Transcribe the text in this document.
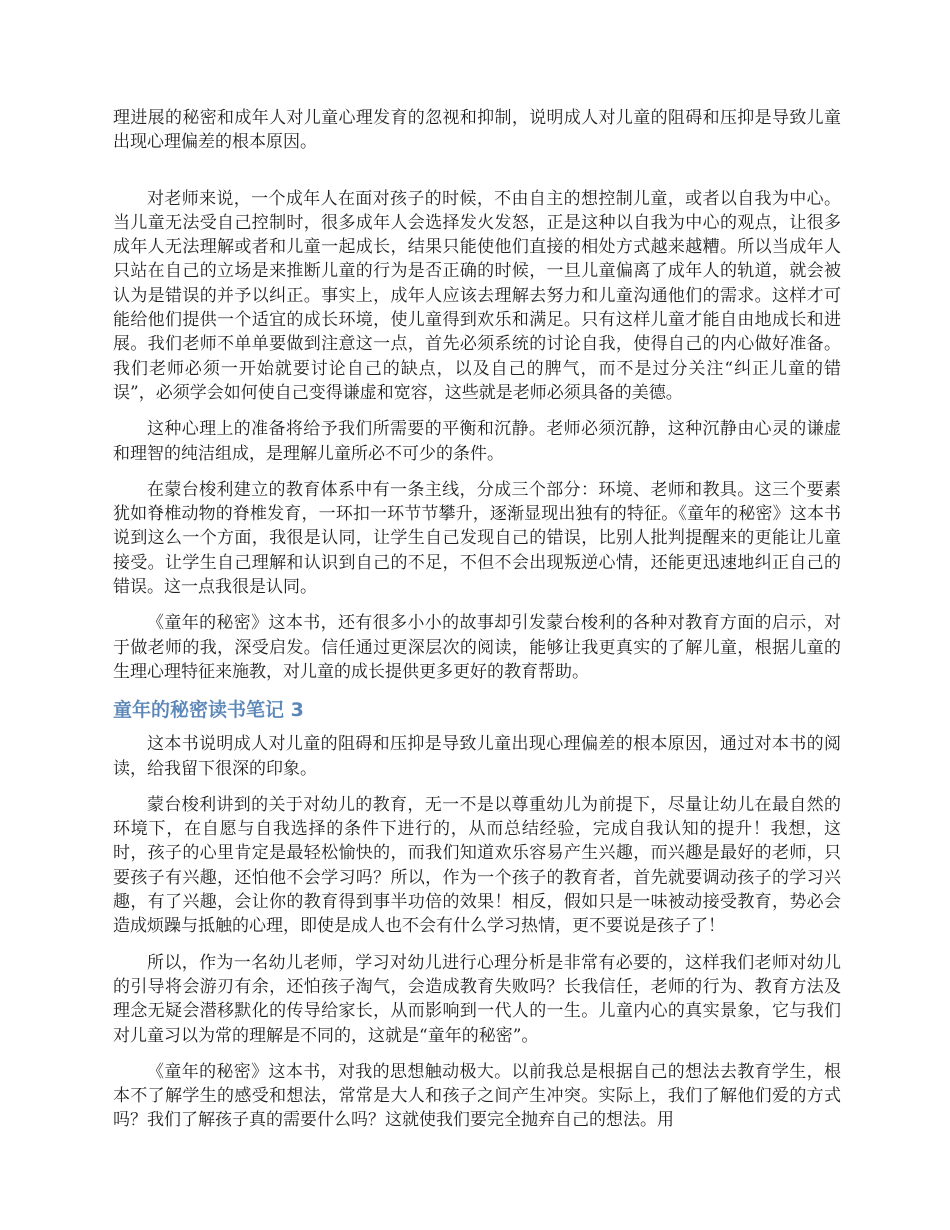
理进展的秘密和成年人对儿童心理发育的忽视和抑制，说明成人对儿童的阻碍和压抑是导致儿童出现心理偏差的根本原因。

对老师来说，一个成年人在面对孩子的时候，不由自主的想控制儿童，或者以自我为中心。当儿童无法受自己控制时，很多成年人会选择发火发怒，正是这种以自我为中心的观点，让很多成年人无法理解或者和儿童一起成长，结果只能使他们直接的相处方式越来越糟。所以当成年人只站在自己的立场是来推断儿童的行为是否正确的时候，一旦儿童偏离了成年人的轨道，就会被认为是错误的并予以纠正。事实上，成年人应该去理解去努力和儿童沟通他们的需求。这样才可能给他们提供一个适宜的成长环境，使儿童得到欢乐和满足。只有这样儿童才能自由地成长和进展。我们老师不单单要做到注意这一点，首先必须系统的讨论自我，使得自己的内心做好准备。我们老师必须一开始就要讨论自己的缺点，以及自己的脾气，而不是过分关注“纠正儿童的错误”，必须学会如何使自己变得谦虚和宽容，这些就是老师必须具备的美德。

这种心理上的准备将给予我们所需要的平衡和沉静。老师必须沉静，这种沉静由心灵的谦虚和理智的纯洁组成，是理解儿童所必不可少的条件。

在蒙台梭利建立的教育体系中有一条主线，分成三个部分：环境、老师和教具。这三个要素犹如脊椎动物的脊椎发育，一环扣一环节节攀升，逐渐显现出独有的特征。《童年的秘密》这本书说到这么一个方面，我很是认同，让学生自己发现自己的错误，比别人批判提醒来的更能让儿童接受。让学生自己理解和认识到自己的不足，不但不会出现叛逆心情，还能更迅速地纠正自己的错误。这一点我很是认同。

《童年的秘密》这本书，还有很多小小的故事却引发蒙台梭利的各种对教育方面的启示，对于做老师的我，深受启发。信任通过更深层次的阅读，能够让我更真实的了解儿童，根据儿童的生理心理特征来施教，对儿童的成长提供更多更好的教育帮助。

童年的秘密读书笔记 3

这本书说明成人对儿童的阻碍和压抑是导致儿童出现心理偏差的根本原因，通过对本书的阅读，给我留下很深的印象。

蒙台梭利讲到的关于对幼儿的教育，无一不是以尊重幼儿为前提下，尽量让幼儿在最自然的环境下，在自愿与自我选择的条件下进行的，从而总结经验，完成自我认知的提升！我想，这时，孩子的心里肯定是最轻松愉快的，而我们知道欢乐容易产生兴趣，而兴趣是最好的老师，只要孩子有兴趣，还怕他不会学习吗？所以，作为一个孩子的教育者，首先就要调动孩子的学习兴趣，有了兴趣，会让你的教育得到事半功倍的效果！相反，假如只是一味被动接受教育，势必会造成烦躁与抵触的心理，即使是成人也不会有什么学习热情，更不要说是孩子了！

所以，作为一名幼儿老师，学习对幼儿进行心理分析是非常有必要的，这样我们老师对幼儿的引导将会游刃有余，还怕孩子淘气，会造成教育失败吗？长我信任，老师的行为、教育方法及理念无疑会潜移默化的传导给家长，从而影响到一代人的一生。儿童内心的真实景象，它与我们对儿童习以为常的理解是不同的，这就是“童年的秘密”。

《童年的秘密》这本书，对我的思想触动极大。以前我总是根据自己的想法去教育学生，根本不了解学生的感受和想法，常常是大人和孩子之间产生冲突。实际上，我们了解他们爱的方式吗？我们了解孩子真的需要什么吗？这就使我们要完全抛弃自己的想法。用
